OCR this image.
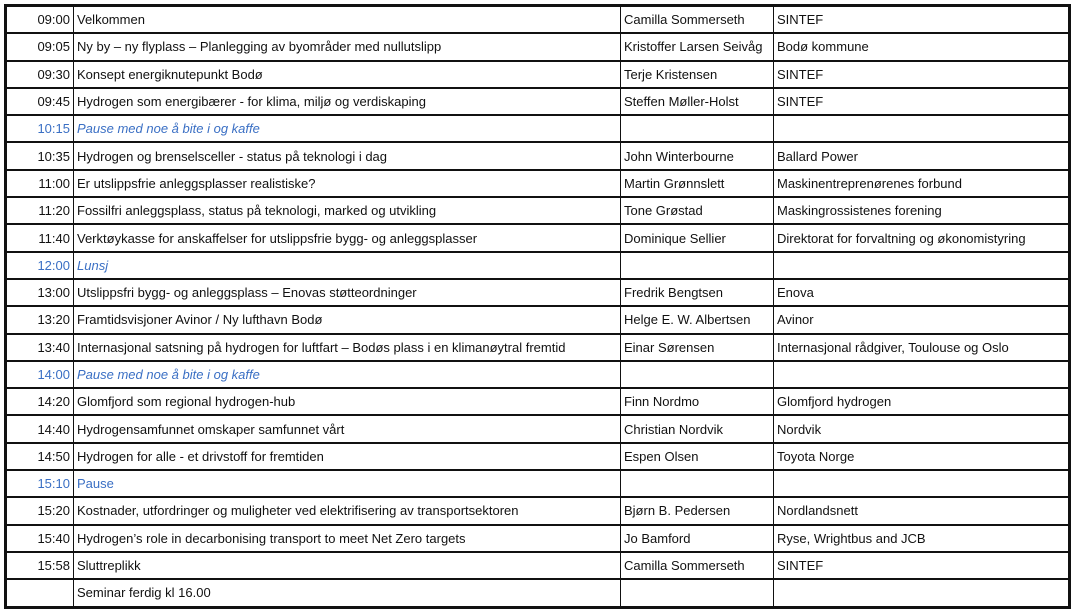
09:00	Velkommen	Camilla Sommerseth	SINTEF
09:05	Ny by – ny flyplass – Planlegging av byområder med nullutslipp	Kristoffer Larsen Seivåg	Bodø kommune
09:30	Konsept energiknutepunkt Bodø	Terje Kristensen	SINTEF
09:45	Hydrogen som energibærer - for klima, miljø og verdiskaping	Steffen Møller-Holst	SINTEF
10:15	Pause med noe å bite i og kaffe		
10:35	Hydrogen og brenselsceller - status på teknologi i dag	John Winterbourne	Ballard Power
11:00	Er utslippsfrie anleggsplasser realistiske?	Martin Grønnslett	Maskinentreprenørenes forbund
11:20	Fossilfri anleggsplass, status på teknologi, marked og utvikling	Tone Grøstad	Maskingrossistenes forening
11:40	Verktøykasse for anskaffelser for utslippsfrie bygg- og anleggsplasser	Dominique Sellier	Direktorat for forvaltning og økonomistyring
12:00	Lunsj		
13:00	Utslippsfri bygg- og anleggsplass – Enovas støtteordninger	Fredrik Bengtsen	Enova
13:20	Framtidsvisjoner Avinor / Ny lufthavn Bodø	Helge E. W. Albertsen	Avinor
13:40	Internasjonal satsning på hydrogen for luftfart – Bodøs plass i en klimanøytral fremtid	Einar Sørensen	Internasjonal rådgiver, Toulouse og Oslo
14:00	Pause med noe å bite i og kaffe		
14:20	Glomfjord som regional hydrogen-hub	Finn Nordmo	Glomfjord hydrogen
14:40	Hydrogensamfunnet omskaper samfunnet vårt	Christian Nordvik	Nordvik
14:50	Hydrogen for alle - et drivstoff for fremtiden	Espen Olsen	Toyota Norge
15:10	Pause		
15:20	Kostnader, utfordringer og muligheter ved elektrifisering av transportsektoren	Bjørn B. Pedersen	Nordlandsnett
15:40	Hydrogen’s role in decarbonising transport to meet Net Zero targets	Jo Bamford	Ryse, Wrightbus and JCB
15:58	Sluttreplikk	Camilla Sommerseth	SINTEF
	Seminar ferdig kl 16.00		
